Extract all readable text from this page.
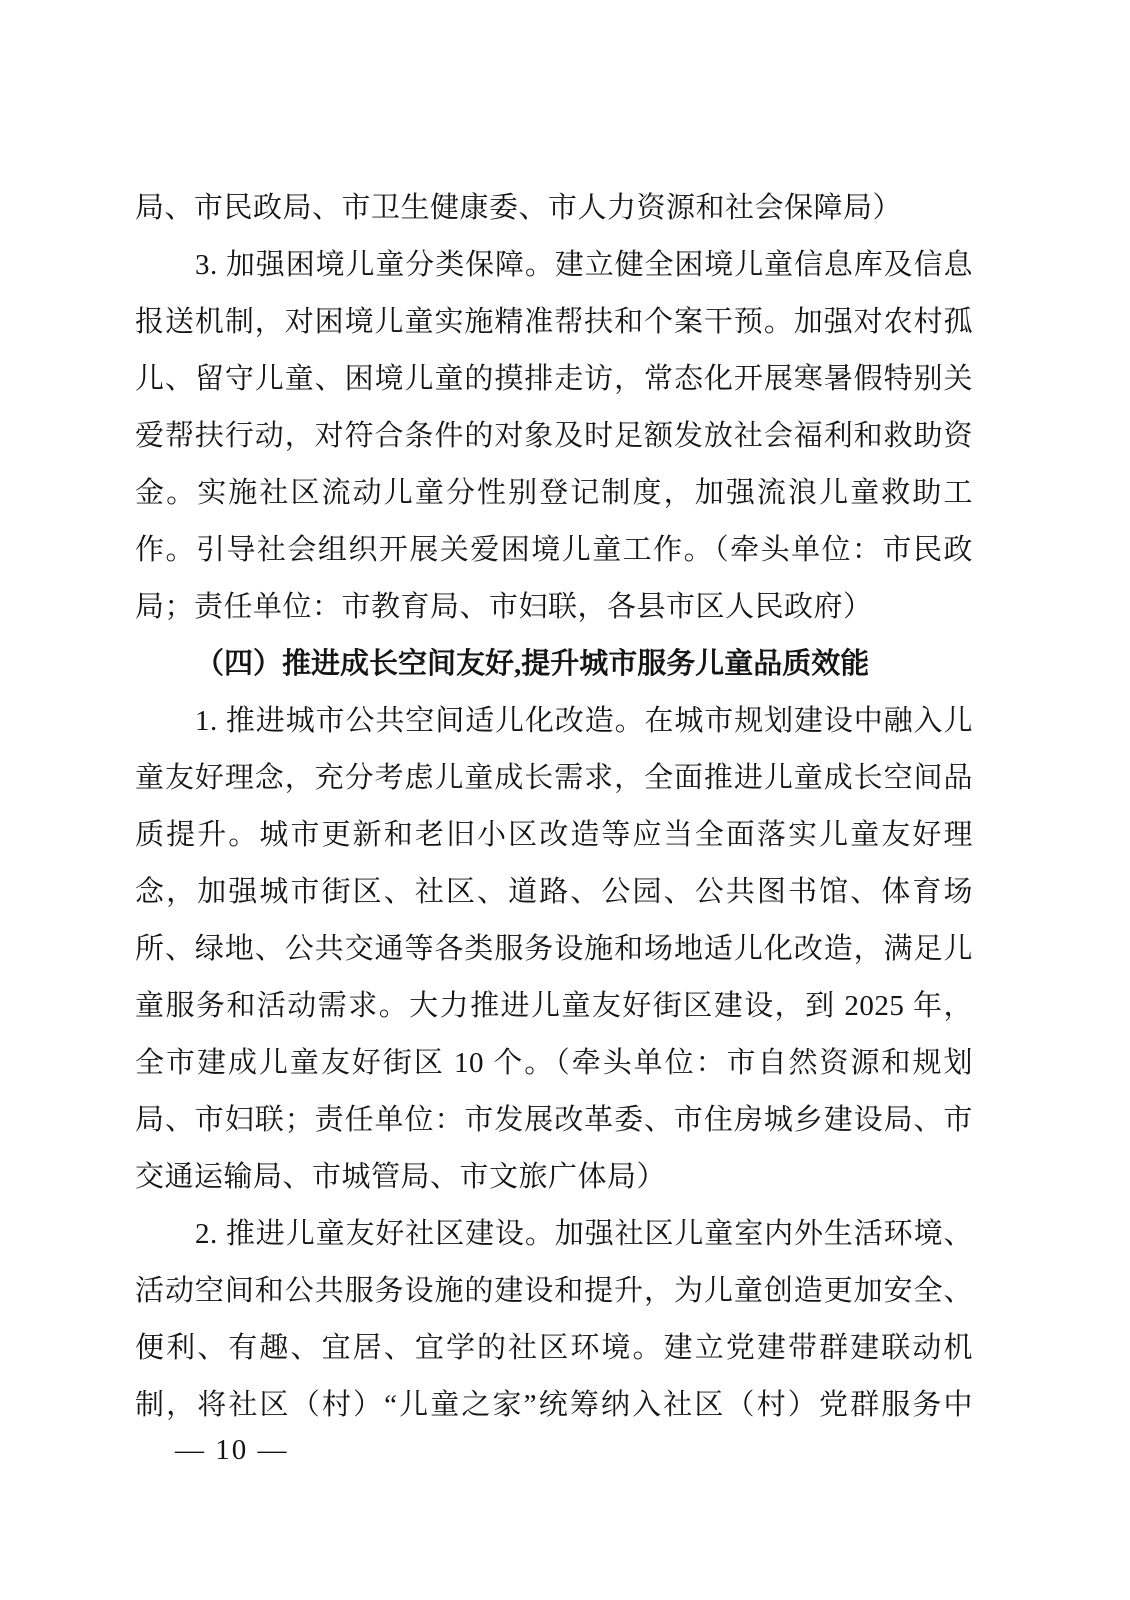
局、市民政局、市卫生健康委、市人力资源和社会保障局）
3. 加强困境儿童分类保障。建立健全困境儿童信息库及信息
报送机制，对困境儿童实施精准帮扶和个案干预。加强对农村孤
儿、留守儿童、困境儿童的摸排走访，常态化开展寒暑假特别关
爱帮扶行动，对符合条件的对象及时足额发放社会福利和救助资
金。实施社区流动儿童分性别登记制度，加强流浪儿童救助工
作。引导社会组织开展关爱困境儿童工作。（牵头单位：市民政
局；责任单位：市教育局、市妇联，各县市区人民政府）
（四）推进成长空间友好,提升城市服务儿童品质效能
1. 推进城市公共空间适儿化改造。在城市规划建设中融入儿
童友好理念，充分考虑儿童成长需求，全面推进儿童成长空间品
质提升。城市更新和老旧小区改造等应当全面落实儿童友好理
念，加强城市街区、社区、道路、公园、公共图书馆、体育场
所、绿地、公共交通等各类服务设施和场地适儿化改造，满足儿
童服务和活动需求。大力推进儿童友好街区建设，到 2025 年，
全市建成儿童友好街区 10 个。（牵头单位：市自然资源和规划
局、市妇联；责任单位：市发展改革委、市住房城乡建设局、市
交通运输局、市城管局、市文旅广体局）
2. 推进儿童友好社区建设。加强社区儿童室内外生活环境、
活动空间和公共服务设施的建设和提升，为儿童创造更加安全、
便利、有趣、宜居、宜学的社区环境。建立党建带群建联动机
制，将社区（村）“儿童之家”统筹纳入社区（村）党群服务中
— 10 —
